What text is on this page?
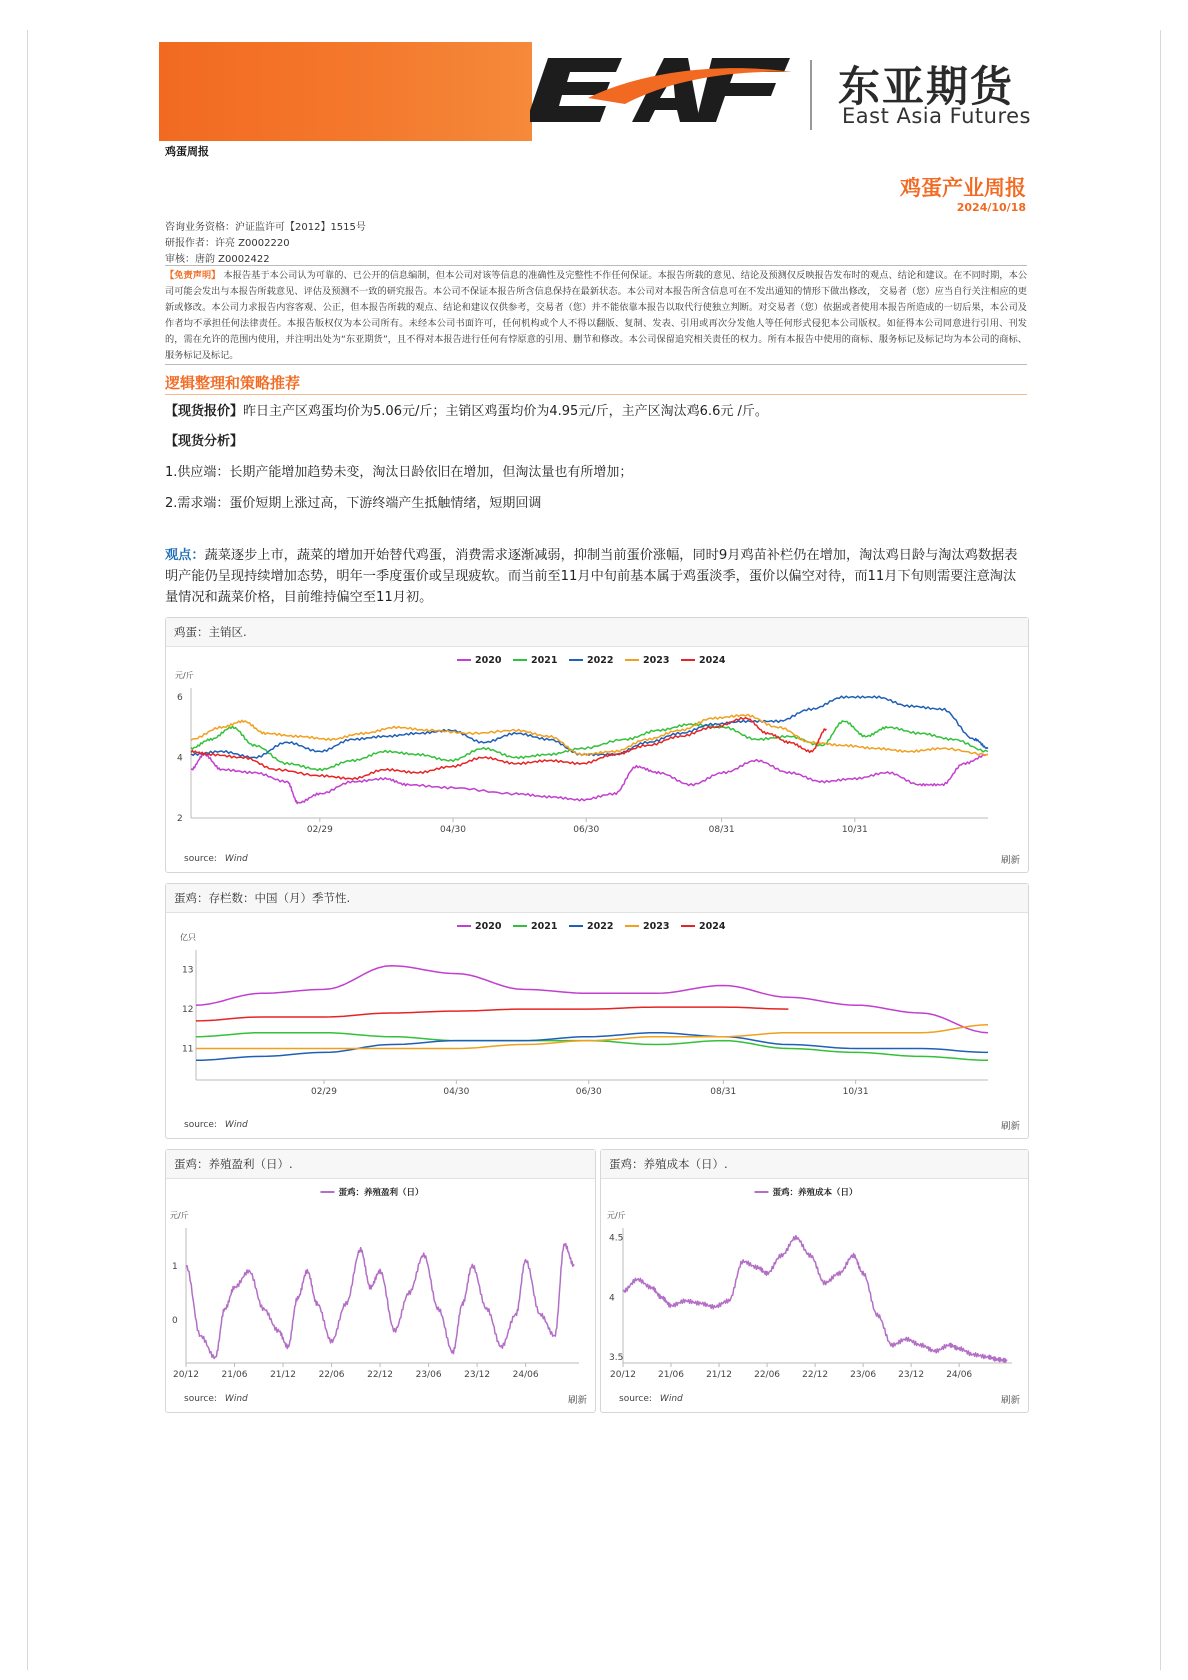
东亚期货
East Asia Futures
鸡蛋周报
鸡蛋产业周报
2024/10/18
咨询业务资格：沪证监许可【2012】1515号
研报作者：许亮 Z0002220
审核：唐韵 Z0002422
【免责声明】 本报告基于本公司认为可靠的、已公开的信息编制，但本公司对该等信息的准确性及完整性不作任何保证。本报告所载的意见、结论及预测仅反映报告发布时的观点、结论和建议。在不同时期，本公司可能会发出与本报告所载意见、评估及预测不一致的研究报告。本公司不保证本报告所含信息保持在最新状态。本公司对本报告所含信息可在不发出通知的情形下做出修改， 交易者（您）应当自行关注相应的更新或修改。本公司力求报告内容客观、公正，但本报告所载的观点、结论和建议仅供参考，交易者（您）并不能依靠本报告以取代行使独立判断。对交易者（您）依据或者使用本报告所造成的一切后果，本公司及作者均不承担任何法律责任。本报告版权仅为本公司所有。未经本公司书面许可，任何机构或个人不得以翻版、复制、发表、引用或再次分发他人等任何形式侵犯本公司版权。如征得本公司同意进行引用、刊发的，需在允许的范围内使用，并注明出处为“东亚期货”，且不得对本报告进行任何有悖原意的引用、删节和修改。本公司保留追究相关责任的权力。所有本报告中使用的商标、服务标记及标记均为本公司的商标、服务标记及标记。
逻辑整理和策略推荐
【现货报价】昨日主产区鸡蛋均价为5.06元/斤；主销区鸡蛋均价为4.95元/斤，主产区淘汰鸡6.6元 /斤。
【现货分析】
1.供应端：长期产能增加趋势未变，淘汰日龄依旧在增加，但淘汰量也有所增加；
2.需求端：蛋价短期上涨过高，下游终端产生抵触情绪，短期回调
观点：蔬菜逐步上市，蔬菜的增加开始替代鸡蛋，消费需求逐渐减弱，抑制当前蛋价涨幅，同时9月鸡苗补栏仍在增加，淘汰鸡日龄与淘汰鸡数据表明产能仍呈现持续增加态势，明年一季度蛋价或呈现疲软。而当前至11月中旬前基本属于鸡蛋淡季，蛋价以偏空对待，而11月下旬则需要注意淘汰量情况和蔬菜价格，目前维持偏空至11月初。
鸡蛋：主销区.
元/斤
2
4
6
02/29	04/30	06/30	08/31	10/31
2020	2021	2022	2023	2024
source: Wind	刷新
蛋鸡：存栏数：中国（月）季节性.
亿只
11
12
13
02/29	04/30	06/30	08/31	10/31
2020	2021	2022	2023	2024
source: Wind	刷新
蛋鸡：养殖盈利（日）.
元/斤
0
1
20/12	21/06	21/12	22/06	22/12	23/06	23/12	24/06
蛋鸡：养殖盈利（日）
source: Wind	刷新
蛋鸡：养殖成本（日）.
元/斤
3.5
4
4.5
20/12 21/06 21/12 22/06 22/12 23/06 23/12 24/06
蛋鸡：养殖成本（日）
source: Wind	刷新
